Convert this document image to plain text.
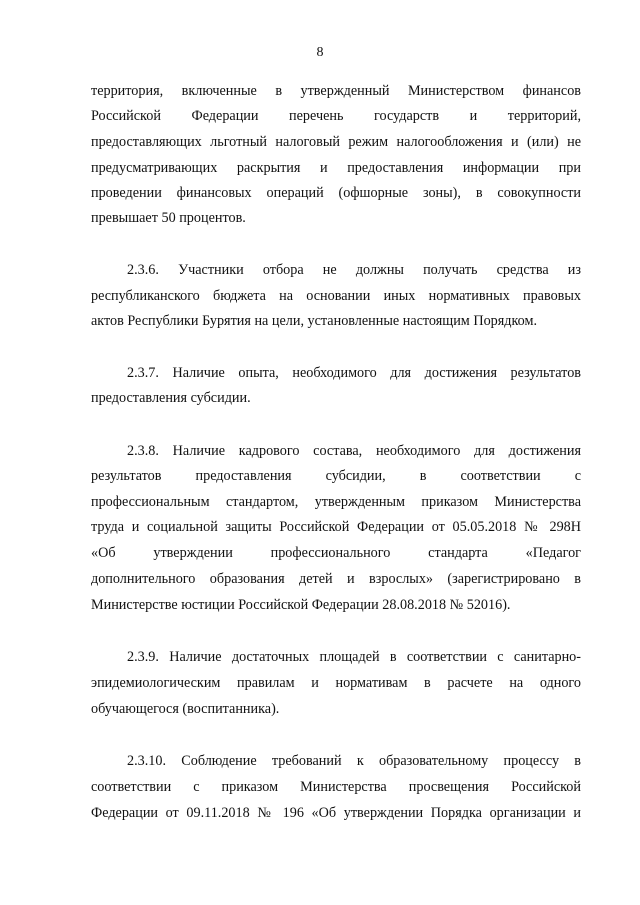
8
территория, включенные в утвержденный Министерством финансов
Российской Федерации перечень государств и территорий,
предоставляющих льготный налоговый режим налогообложения и (или) не
предусматривающих раскрытия и предоставления информации при
проведении финансовых операций (офшорные зоны), в совокупности
превышает 50 процентов.
2.3.6. Участники отбора не должны получать средства из
республиканского бюджета на основании иных нормативных правовых
актов Республики Бурятия на цели, установленные настоящим Порядком.
2.3.7. Наличие опыта, необходимого для достижения результатов
предоставления субсидии.
2.3.8. Наличие кадрового состава, необходимого для достижения
результатов предоставления субсидии, в соответствии с
профессиональным стандартом, утвержденным приказом Министерства
труда и социальной защиты Российской Федерации от 05.05.2018 № 298Н
«Об утверждении профессионального стандарта «Педагог
дополнительного образования детей и взрослых» (зарегистрировано в
Министерстве юстиции Российской Федерации 28.08.2018 № 52016).
2.3.9. Наличие достаточных площадей в соответствии с санитарно-
эпидемиологическим правилам и нормативам в расчете на одного
обучающегося (воспитанника).
2.3.10. Соблюдение требований к образовательному процессу в
соответствии с приказом Министерства просвещения Российской
Федерации от 09.11.2018 № 196 «Об утверждении Порядка организации и
